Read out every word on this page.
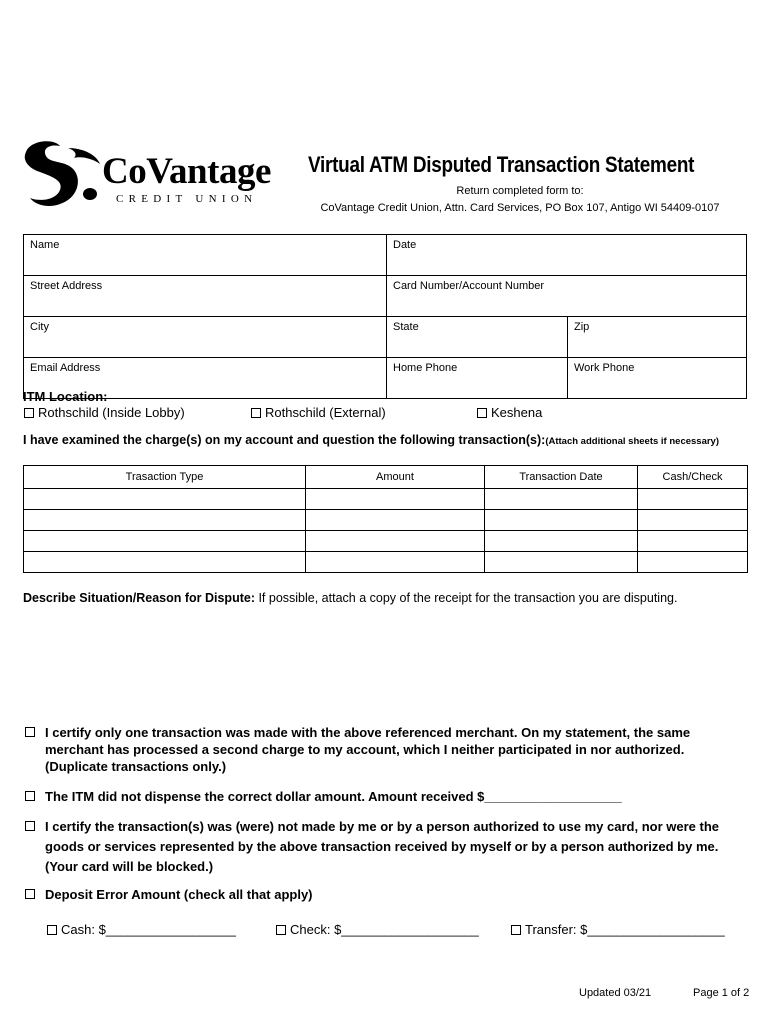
CoVantage
CREDIT UNION
Virtual ATM Disputed Transaction Statement
Return completed form to:
CoVantage Credit Union, Attn. Card Services, PO Box 107, Antigo WI 54409-0107
Name	Date	
Street Address	Card Number/Account Number	
City	State	Zip
Email Address	Home Phone	Work Phone
ITM Location:
Rothschild (Inside Lobby)	Rothschild (External)	Keshena
I have examined the charge(s) on my account and question the following transaction(s):(Attach additional sheets if necessary)
Trasaction Type	Amount	Transaction Date	Cash/Check

Describe Situation/Reason for Dispute: If possible, attach a copy of the receipt for the transaction you are disputing.
I certify only one transaction was made with the above referenced merchant. On my statement, the same merchant has processed a second charge to my account, which I neither participated in nor authorized. (Duplicate transactions only.)
The ITM did not dispense the correct dollar amount. Amount received $___________________
I certify the transaction(s) was (were) not made by me or by a person authorized to use my card, nor were the goods or services represented by the above transaction received by myself or by a person authorized by me. (Your card will be blocked.)
Deposit Error Amount (check all that apply)
Cash: $__________________	Check: $___________________	Transfer: $___________________
Updated 03/21	Page 1 of 2
